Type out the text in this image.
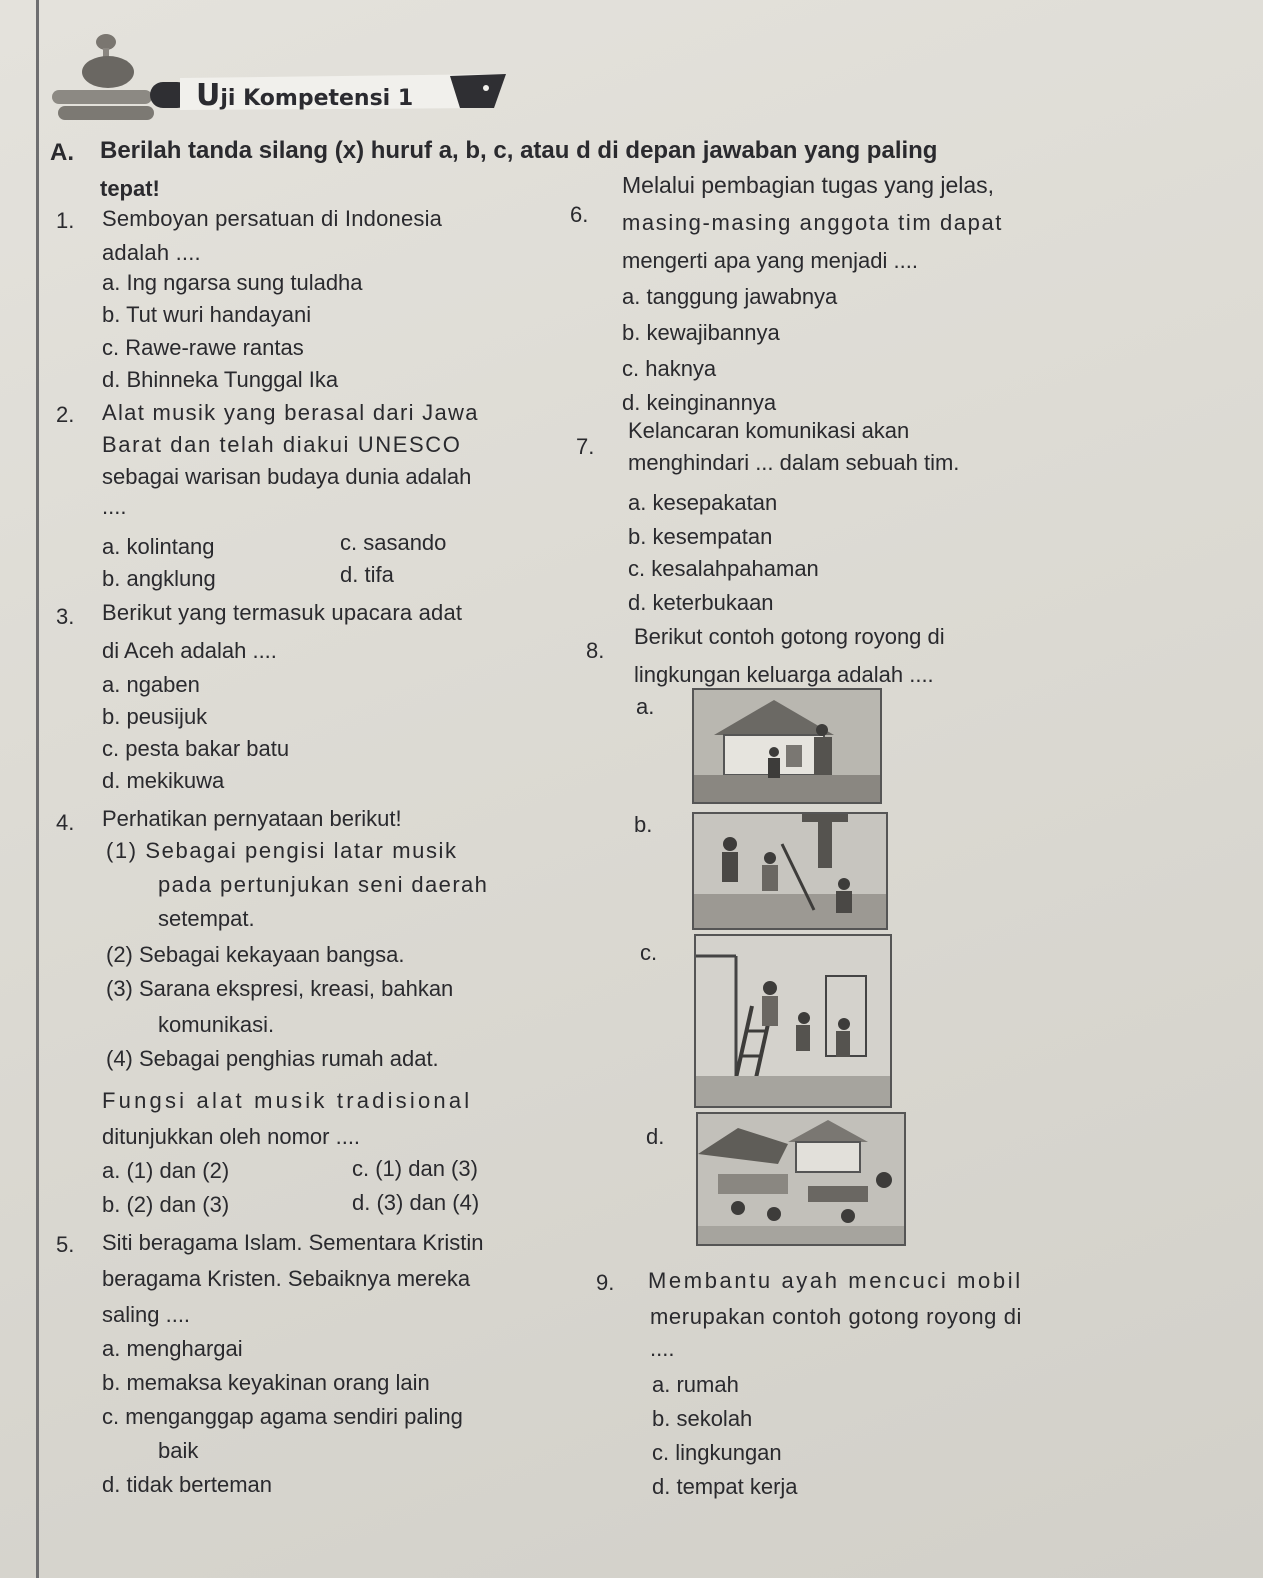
Uji Kompetensi 1
A. Berilah tanda silang (x) huruf a, b, c, atau d di depan jawaban yang paling
tepat!
1. Semboyan persatuan di Indonesia
adalah ....
a. Ing ngarsa sung tuladha
b. Tut wuri handayani
c. Rawe-rawe rantas
d. Bhinneka Tunggal Ika
2. Alat musik yang berasal dari Jawa
Barat dan telah diakui UNESCO
sebagai warisan budaya dunia adalah
....
a. kolintang
b. angklung
c. sasando
d. tifa
3. Berikut yang termasuk upacara adat
di Aceh adalah ....
a. ngaben
b. peusijuk
c. pesta bakar batu
d. mekikuwa
4. Perhatikan pernyataan berikut!
(1) Sebagai pengisi latar musik
pada pertunjukan seni daerah
setempat.
(2) Sebagai kekayaan bangsa.
(3) Sarana ekspresi, kreasi, bahkan
komunikasi.
(4) Sebagai penghias rumah adat.
Fungsi alat musik tradisional
ditunjukkan oleh nomor ....
a. (1) dan (2)
b. (2) dan (3)
c. (1) dan (3)
d. (3) dan (4)
5. Siti beragama Islam. Sementara Kristin
beragama Kristen. Sebaiknya mereka
saling ....
a. menghargai
b. memaksa keyakinan orang lain
c. menganggap agama sendiri paling
baik
d. tidak berteman
6.
Melalui pembagian tugas yang jelas,
masing-masing anggota tim dapat
mengerti apa yang menjadi ....
a. tanggung jawabnya
b. kewajibannya
c. haknya
d. keinginannya
7.
Kelancaran komunikasi akan
menghindari ... dalam sebuah tim.
a. kesepakatan
b. kesempatan
c. kesalahpahaman
d. keterbukaan
8.
Berikut contoh gotong royong di
lingkungan keluarga adalah ....
a.
b.
c.
d.
9. Membantu ayah mencuci mobil
merupakan contoh gotong royong di
....
a. rumah
b. sekolah
c. lingkungan
d. tempat kerja
